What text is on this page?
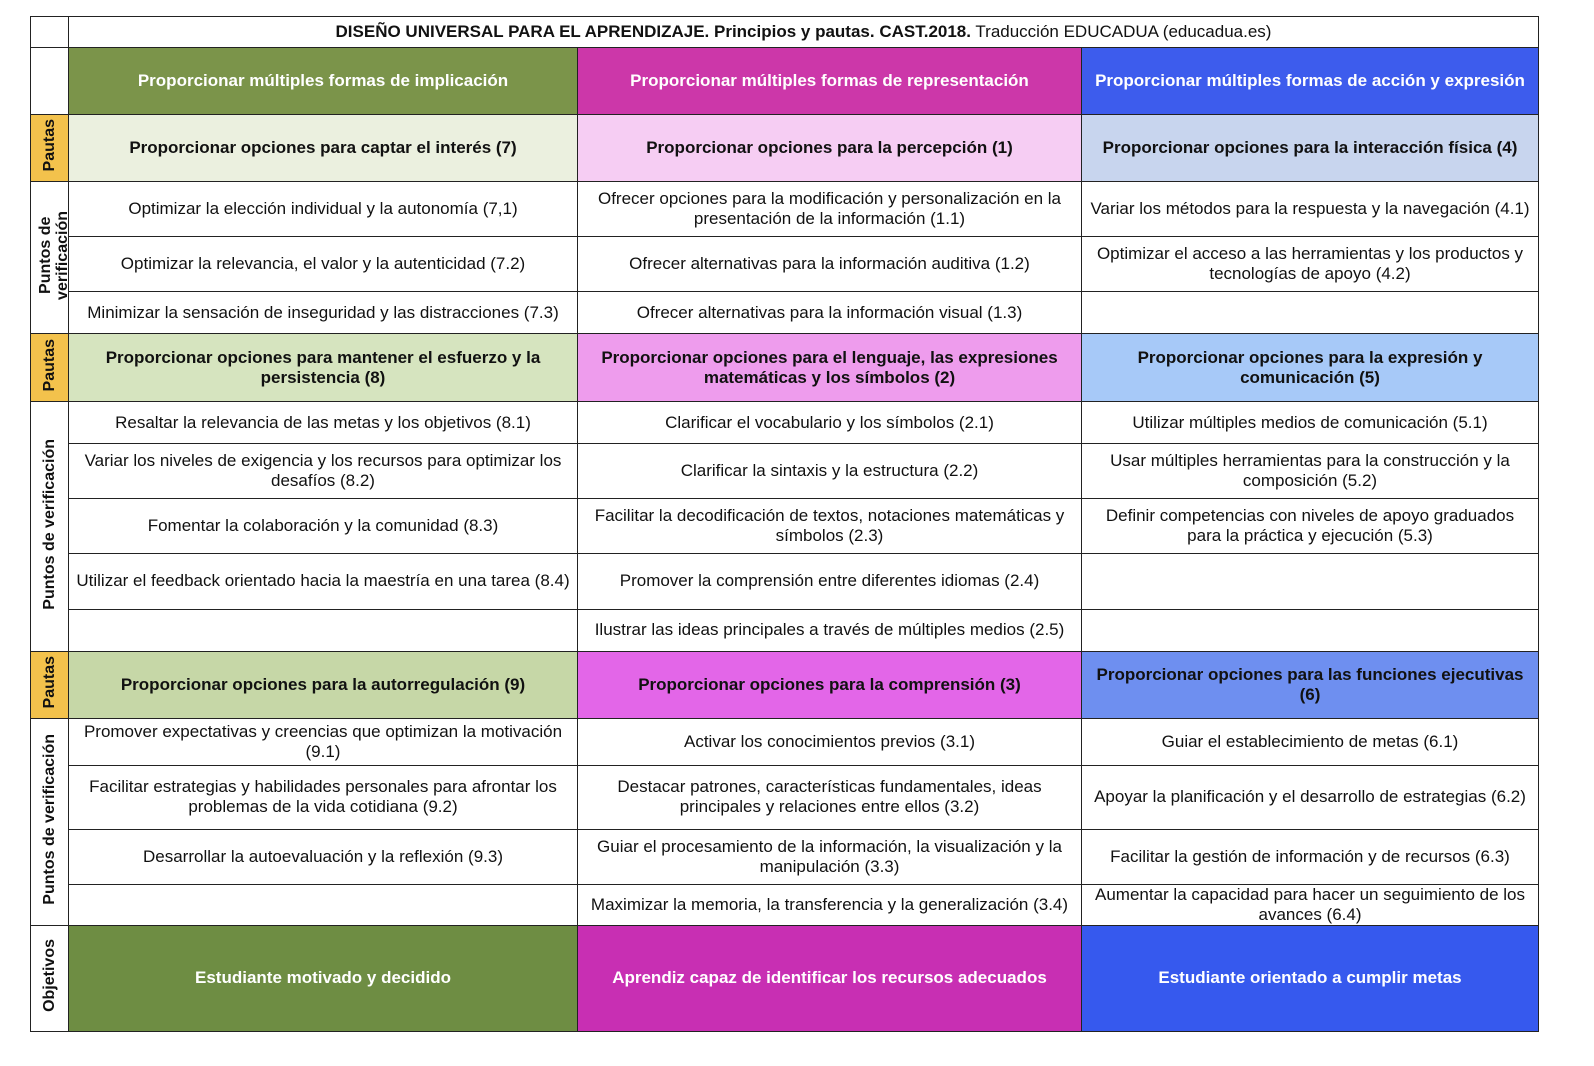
	DISEÑO UNIVERSAL PARA EL APRENDIZAJE. Principios y pautas. CAST.2018. Traducción EDUCADUA (educadua.es)		
	Proporcionar múltiples formas de implicación	Proporcionar múltiples formas de representación	Proporcionar múltiples formas de acción y expresión
Pautas	Proporcionar opciones para captar el interés (7)	Proporcionar opciones para la percepción (1)	Proporcionar opciones para la interacción física (4)
Puntos de
verificación	Optimizar la elección individual y la autonomía (7,1)	Ofrecer opciones para la modificación y personalización en la presentación de la información (1.1)	Variar los métodos para la respuesta y la navegación (4.1)
	Optimizar la relevancia, el valor y la autenticidad (7.2)	Ofrecer alternativas para la información auditiva (1.2)	Optimizar el acceso a las herramientas y los productos y tecnologías de apoyo (4.2)
	Minimizar la sensación de inseguridad y las distracciones (7.3)	Ofrecer alternativas para la información visual (1.3)	
Pautas	Proporcionar opciones para mantener el esfuerzo y la persistencia (8)	Proporcionar opciones para el lenguaje, las expresiones matemáticas y los símbolos (2)	Proporcionar opciones para la expresión y comunicación (5)
Puntos de verificación	Resaltar la relevancia de las metas y los objetivos (8.1)	Clarificar el vocabulario y los símbolos (2.1)	Utilizar múltiples medios de comunicación (5.1)
	Variar los niveles de exigencia y los recursos para optimizar los desafíos (8.2)	Clarificar la sintaxis y la estructura (2.2)	Usar múltiples herramientas para la construcción y la composición (5.2)
	Fomentar la colaboración y la comunidad (8.3)	Facilitar la decodificación de textos, notaciones matemáticas y símbolos (2.3)	Definir competencias con niveles de apoyo graduados para la práctica y ejecución (5.3)
	Utilizar el feedback orientado hacia la maestría en una tarea (8.4)	Promover la comprensión entre diferentes idiomas (2.4)	
		Ilustrar las ideas principales a través de múltiples medios (2.5)	
Pautas	Proporcionar opciones para la autorregulación (9)	Proporcionar opciones para la comprensión (3)	Proporcionar opciones para las funciones ejecutivas (6)
Puntos de verificación	Promover expectativas y creencias que optimizan la motivación (9.1)	Activar los conocimientos previos (3.1)	Guiar el establecimiento de metas (6.1)
	Facilitar estrategias y habilidades personales para afrontar los problemas de la vida cotidiana (9.2)	Destacar patrones, características fundamentales, ideas principales y relaciones entre ellos (3.2)	Apoyar la planificación y el desarrollo de estrategias (6.2)
	Desarrollar la autoevaluación y la reflexión (9.3)	Guiar el procesamiento de la información, la visualización y la manipulación (3.3)	Facilitar la gestión de información y de recursos (6.3)
		Maximizar la memoria, la transferencia y la generalización (3.4)	Aumentar la capacidad para hacer un seguimiento de los avances (6.4)
Objetivos	Estudiante motivado y decidido	Aprendiz capaz de identificar los recursos adecuados	Estudiante orientado a cumplir metas
